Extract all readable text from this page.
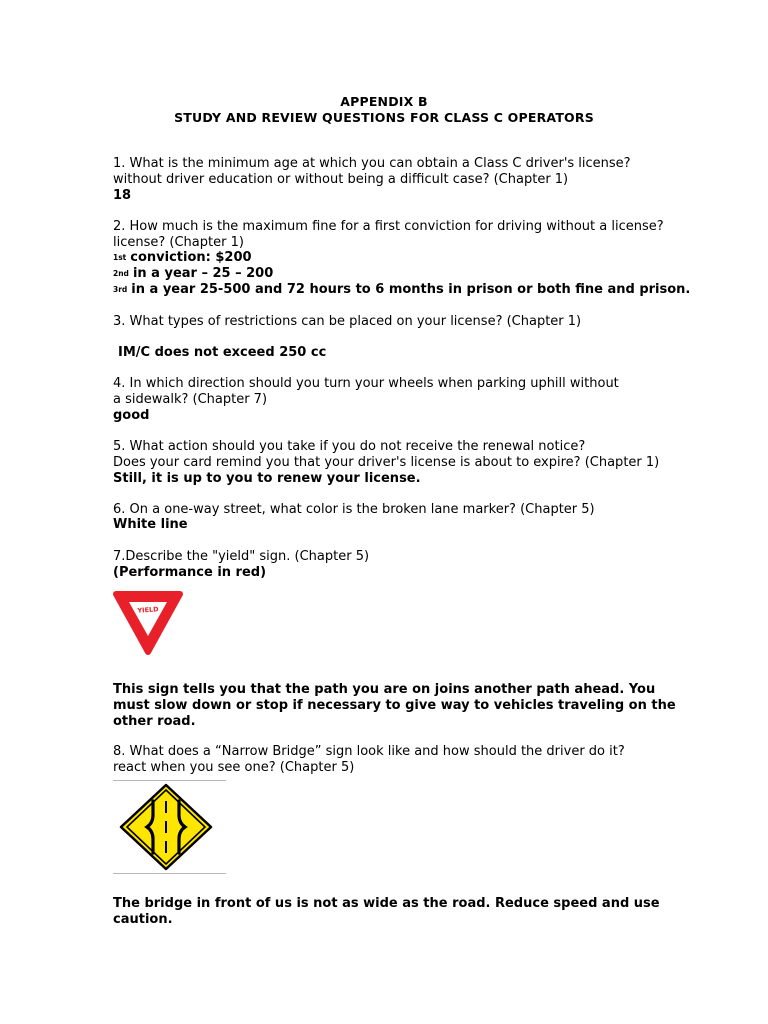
APPENDIX B
STUDY AND REVIEW QUESTIONS FOR CLASS C OPERATORS
1. What is the minimum age at which you can obtain a Class C driver's license?
without driver education or without being a difficult case? (Chapter 1)
18
2. How much is the maximum fine for a first conviction for driving without a license?
license? (Chapter 1)
$^{1st}$ conviction: $200
$^{2nd}$ in a year – 25 – 200
$^{3rd}$ in a year 25-500 and 72 hours to 6 months in prison or both fine and prison.
3. What types of restrictions can be placed on your license? (Chapter 1)
IM/C does not exceed 250 cc
4. In which direction should you turn your wheels when parking uphill without
a sidewalk? (Chapter 7)
good
5. What action should you take if you do not receive the renewal notice?
Does your card remind you that your driver's license is about to expire? (Chapter 1)
Still, it is up to you to renew your license.
6. On a one-way street, what color is the broken lane marker? (Chapter 5)
White line
7.Describe the "yield" sign. (Chapter 5)
(Performance in red)
YIELD
This sign tells you that the path you are on joins another path ahead. You must slow down or stop if necessary to give way to vehicles traveling on the other road.
8. What does a “Narrow Bridge” sign look like and how should the driver do it?
react when you see one? (Chapter 5)
The bridge in front of us is not as wide as the road. Reduce speed and use caution.
